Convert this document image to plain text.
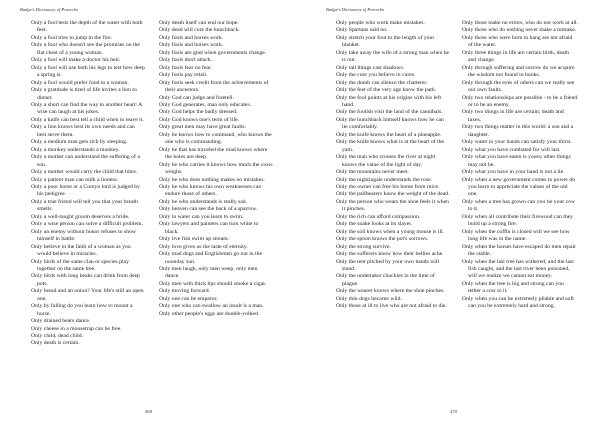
Badge's Dictionary of Proverbs

Only a fool tests the depth of the water with both feet.

Only a fool tries to jump in the fire.

Only a fool who doesn't see the promises on the flat chest of a young woman.

Only a fool will make a doctor his heir.

Only a fool will use both his legs to test how deep a spring is.

Only a fool would prefer food to a woman.

Only a gratitude is tired of life invites a lion to dinner.

Only a short can find the way to another heart: A wise can laugh at his jokes.

Only a knife can best tell a child when to leave it.

Only a lion knows best its own needs and can best serve them.

Only a medium man gets rich by sleeping.

Only a monkey understands a monkey.

Only a mother can understand the suffering of a son.

Only a mother would carry the child that bites.

Only a patient man can milk a lioness.

Only a poor horse or a Comyn lord is judged by his pedigree.

Only a true friend will tell you that your breath smells.

Only a well-taught groom deserves a bride.

Only a wise person can solve a difficult problem.

Only an enemy without honor refuses to show himself in battle.

Only believe in the faith of a woman as you would believe in miracles.

Only birds of the same clan or species play together on the same tree.

Only birds with long beaks can drink from deep pots.

Only bread and an onion? Your life's still an open one.

Only by falling do you learn how to mount a horse.

Only drained bears dance.

Only cheese in a mousetrap can be free.

Only child, dead child.

Only death is certain.

Only death itself can end our hope.

Only dead will cure the hunchback.

Only fools and horses work.

Only fools and horses work.

Only fools are glad when governments change.

Only fools don't attack.

Only fools fear no fear.

Only fools pay retail.

Only fools seek credit from the achievements of their ancestors.

Only God can judge and foretell.

Only God generates, man only educates.

Only God helps the badly dressed.

Only God knows one's term of life.

Only great men may have great faults.

Only he knows how to command, who knows the one who is commanding.

Only he that has traveled the road knows where the holes are deep.

Only he who carries it knows how much the cross weighs.

Only he who does nothing makes no mistakes.

Only he who knows his own weaknesses can endure those of others.

Only he who understands is really sad.

Only heaven can see the back of a sparrow.

Only in water can you learn to swim.

Only lawyers and painters can turn white to black.

Only live fish swim up stream.

Only love gives us the taste of eternity.

Only mad dogs and Englishmen go out in the noonday sun.

Only men laugh, only men weep, only men dance.

Only men with thick lips should smoke a cigar.

Only moving forward.

Only one can be emperor.

Only one who can swallow an insult is a man.

Only other people's eggs are double-yolked.

468
Badge's Dictionary of Proverbs

Only people who work make mistakes.

Only Spartans said no.

Only stretch your foot to the length of your blanket.

Only take away the wife of a strong man when he is out.

Only tall things cast shadows.

Only the cure you believe in cures.

Only the dumb can silence the chatterer.

Only the feet of the very age know the path.

Only the fool points at his origins with his left hand.

Only the foolish visit the land of the cannibals.

Only the hunchback himself knows how he can lie comfortably.

Only the knife knows the heart of a pineapple.

Only the knife knows what is at the heart of the yam.

Only the man who crosses the river at night knows the value of the light of day.

Only the mountains never meet.

Only the nightingale understands the rose.

Only the owner can free his home from mice.

Only the pallbearers know the weight of the dead.

Only the person who wears the shoe feels it when it pinches.

Only the rich can afford compassion.

Only the snake looks at its slayer.

Only the soil knows when a young mouse is ill.

Only the spoon knows the pot's sorrows.

Only the strong survive.

Only the sufferers know how their bellies ache.

Only the tent pitched by your own hands will stand.

Only the undertaker chuckles in the time of plague.

Only the wearer knows where the shoe pinches.

Only thin dogs become wild.

Only those at ill to live who are not afraid to die.

Only those make no errors, who do not work at all.

Only those who do nothing never make a mistake.

Only those who were born to hang are not afraid of the water.

Only three things in life are certain birth, death and change.

Only through suffering and sorrow do we acquire the wisdom not found in books.

Only through the eyes of others can we really see our own faults.

Only two relationships are possible - to be a friend or to be an enemy.

Only two things in life are certain; death and taxes.

Only two things matter in this world: a son and a daughter.

Only water in your hands can satisfy your thirst.

Only what you have combated for will last.

Only what you have eaten is yours; other things may not be.

Only what you have in your hand is not a lie.

Only when a new government comes to power do you learn to appreciate the values of the old one.

Only when a tree has grown can you tie your cow to it.

Only when all contribute their firewood can they build up a strong fire.

Only when the coffin is closed will we see how long life was in the name.

Only when the horses have escaped do men repair the stable.

Only when the last tree has withered, and the last fish caught, and the last river been poisoned, will we realize we cannot eat money.

Only when the tree is big and strong can you tether a cow to it.

Only when you can be extremely pliable and soft can you be extremely hard and strong.

470
